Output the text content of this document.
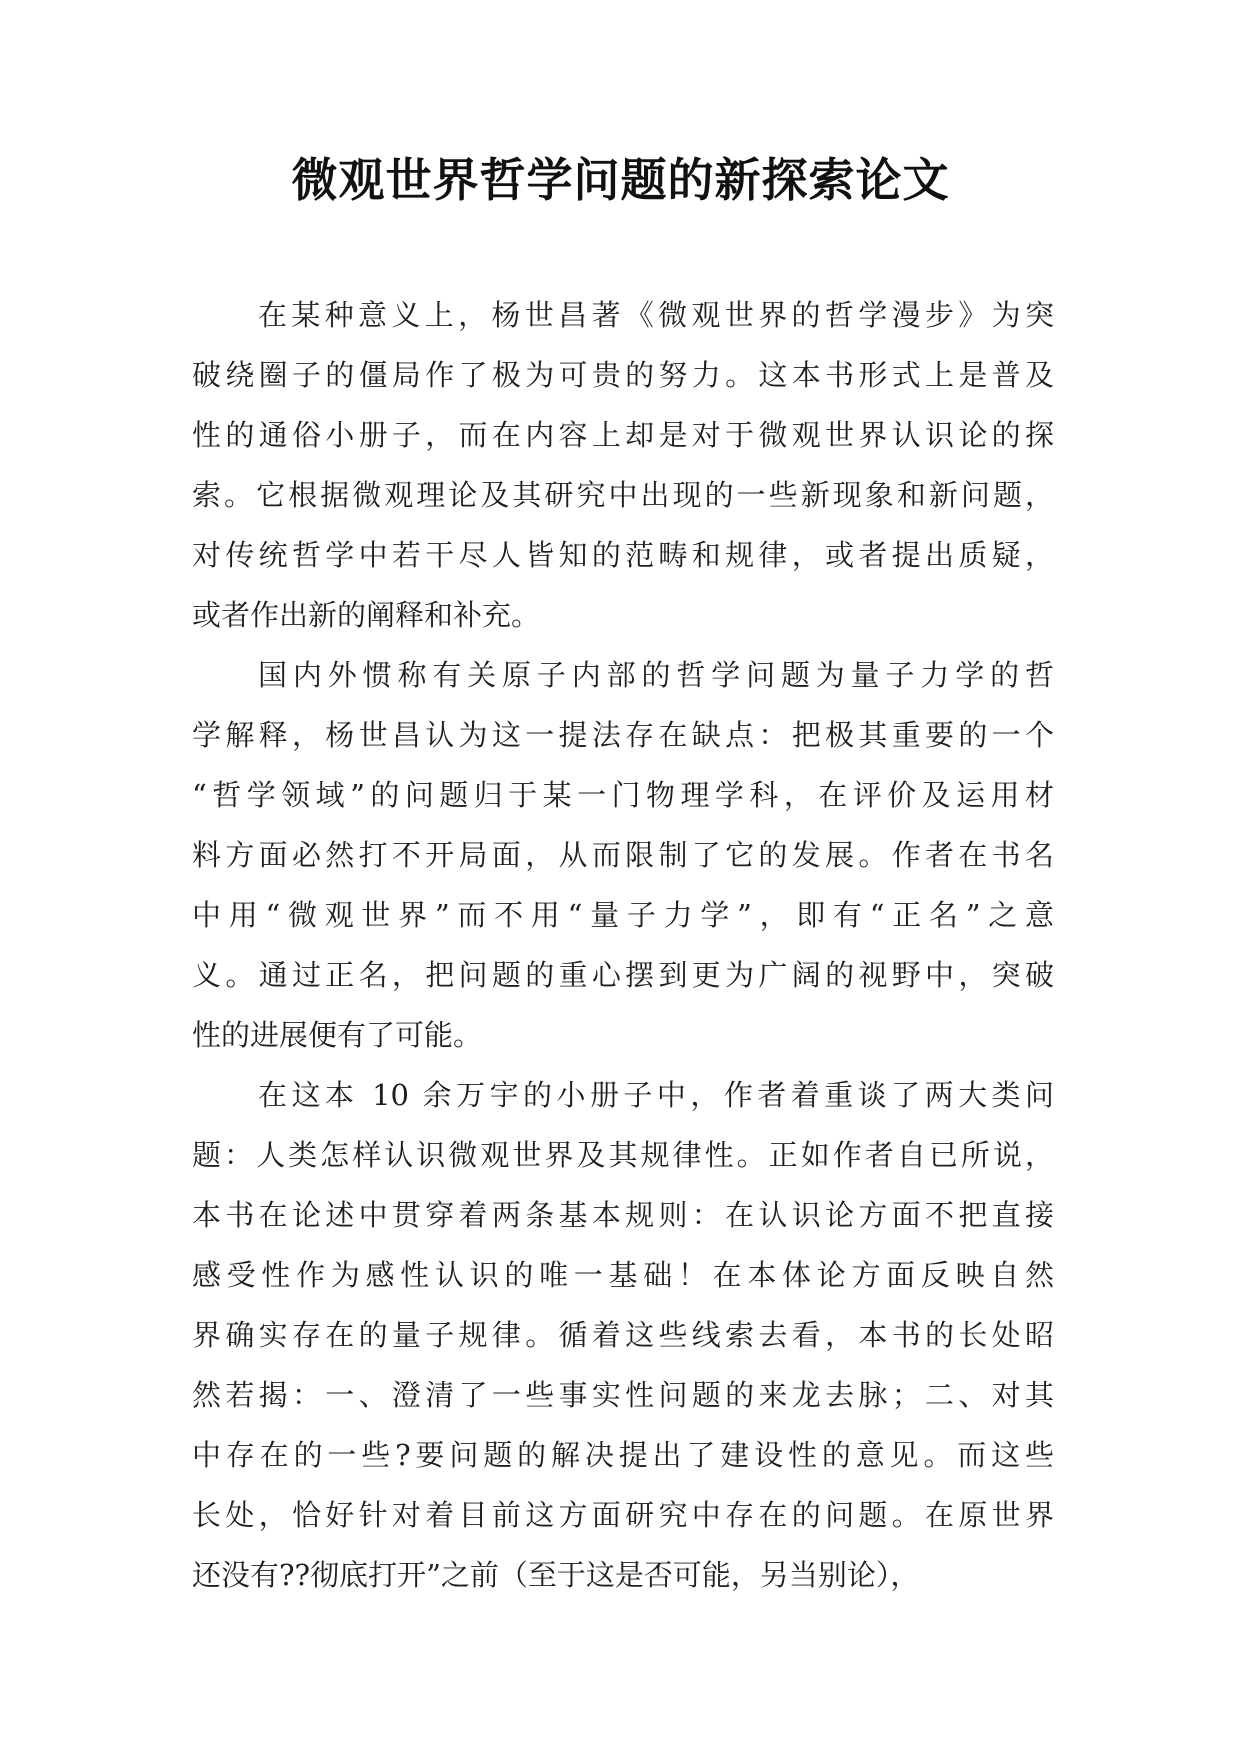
微观世界哲学问题的新探索论文
在某种意义上，杨世昌著《微观世界的哲学漫步》为突
破绕圈子的僵局作了极为可贵的努力。这本书形式上是普及
性的通俗小册子，而在内容上却是对于微观世界认识论的探
索。它根据微观理论及其研究中出现的一些新现象和新问题，
对传统哲学中若干尽人皆知的范畴和规律，或者提出质疑，
或者作出新的阐释和补充。
国内外惯称有关原子内部的哲学问题为量子力学的哲
学解释，杨世昌认为这一提法存在缺点：把极其重要的一个
“哲学领域”的问题归于某一门物理学科，在评价及运用材
料方面必然打不开局面，从而限制了它的发展。作者在书名
中用“微观世界”而不用“量子力学”，即有“正名”之意
义。通过正名，把问题的重心摆到更为广阔的视野中，突破
性的进展便有了可能。
在这本 10 余万宇的小册子中，作者着重谈了两大类问
题：人类怎样认识微观世界及其规律性。正如作者自已所说，
本书在论述中贯穿着两条基本规则：在认识论方面不把直接
感受性作为感性认识的唯一基础！在本体论方面反映自然
界确实存在的量子规律。循着这些线索去看，本书的长处昭
然若揭：一、澄清了一些事实性问题的来龙去脉；二、对其
中存在的一些?要问题的解决提出了建设性的意见。而这些
长处，恰好针对着目前这方面研究中存在的问题。在原世界
还没有??彻底打开”之前（至于这是否可能，另当别论），
